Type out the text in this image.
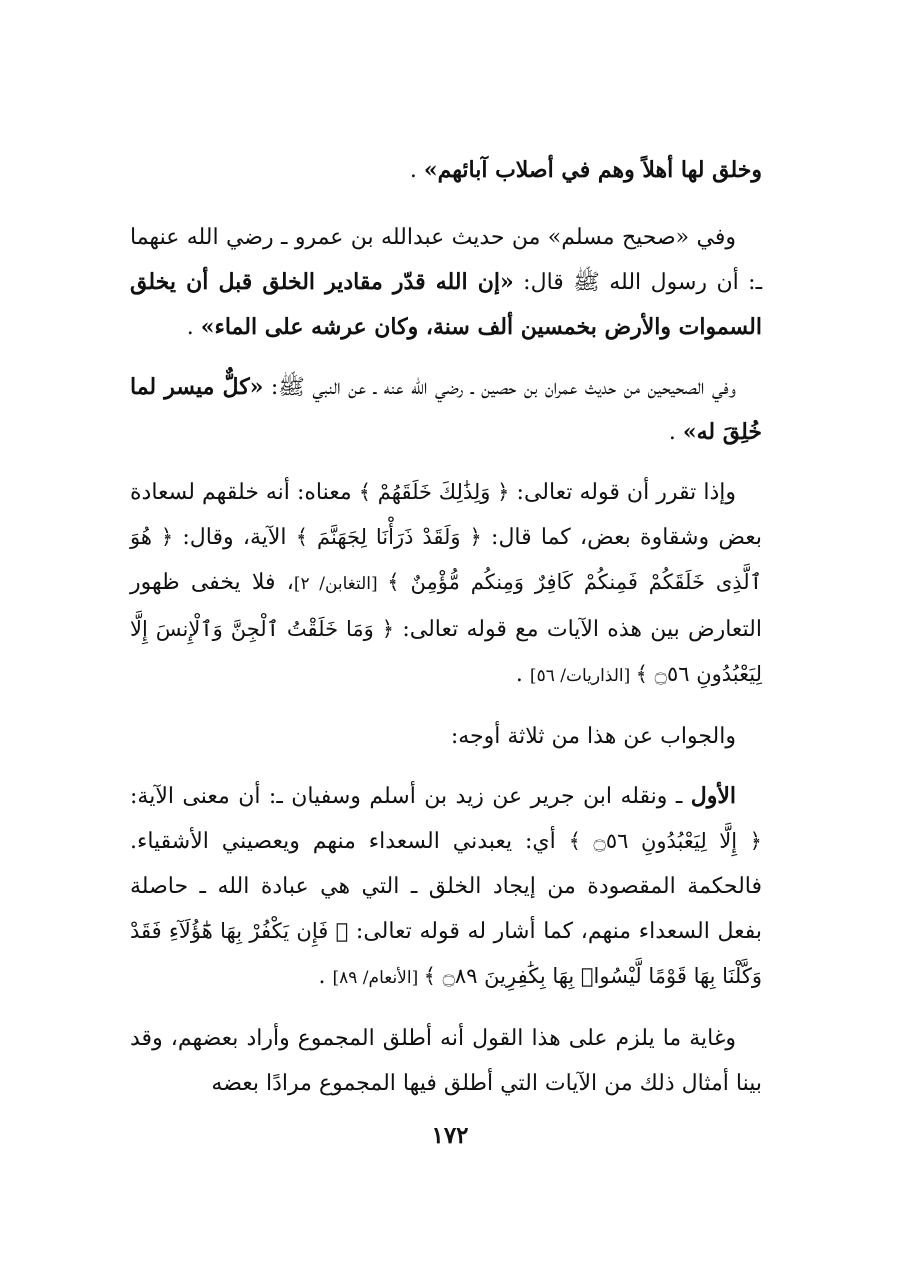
وخلق لها أهلاً وهم في أصلاب آبائهم» .

وفي «صحيح مسلم» من حديث عبدالله بن عمرو ـ رضي الله عنهما ـ: أن رسول الله ﷺ قال: «إن الله قدّر مقادير الخلق قبل أن يخلق السموات والأرض بخمسين ألف سنة، وكان عرشه على الماء» .

وفي الصحيحين من حديث عمران بن حصين ـ رضي الله عنه ـ عن النبي ﷺ: «كلٌّ ميسر لما خُلِقَ له» .

وإذا تقرر أن قوله تعالى: ﴿ وَلِذَٰلِكَ خَلَقَهُمْ ﴾ معناه: أنه خلقهم لسعادة بعض وشقاوة بعض، كما قال: ﴿ وَلَقَدْ ذَرَأْنَا لِجَهَنَّمَ ﴾ الآية، وقال: ﴿ هُوَ ٱلَّذِى خَلَقَكُمْ فَمِنكُمْ كَافِرٌ وَمِنكُم مُّؤْمِنٌ ﴾ [التغابن/ ٢]، فلا يخفى ظهور التعارض بين هذه الآيات مع قوله تعالى: ﴿ وَمَا خَلَقْتُ ٱلْجِنَّ وَٱلْإِنسَ إِلَّا لِيَعْبُدُونِ ۝٥٦ ﴾ [الذاريات/ ٥٦] .

والجواب عن هذا من ثلاثة أوجه:

الأول ـ ونقله ابن جرير عن زيد بن أسلم وسفيان ـ: أن معنى الآية: ﴿ إِلَّا لِيَعْبُدُونِ ۝٥٦ ﴾ أي: يعبدني السعداء منهم ويعصيني الأشقياء. فالحكمة المقصودة من إيجاد الخلق ـ التي هي عبادة الله ـ حاصلة بفعل السعداء منهم، كما أشار له قوله تعالى: ﴿ فَإِن يَكْفُرْ بِهَا هَٰٓؤُلَآءِ فَقَدْ وَكَّلْنَا بِهَا قَوْمًا لَّيْسُوا۟ بِهَا بِكَٰفِرِينَ ۝٨٩ ﴾ [الأنعام/ ٨٩] .

وغاية ما يلزم على هذا القول أنه أطلق المجموع وأراد بعضهم، وقد بينا أمثال ذلك من الآيات التي أطلق فيها المجموع مرادًا بعضه

١٧٢
